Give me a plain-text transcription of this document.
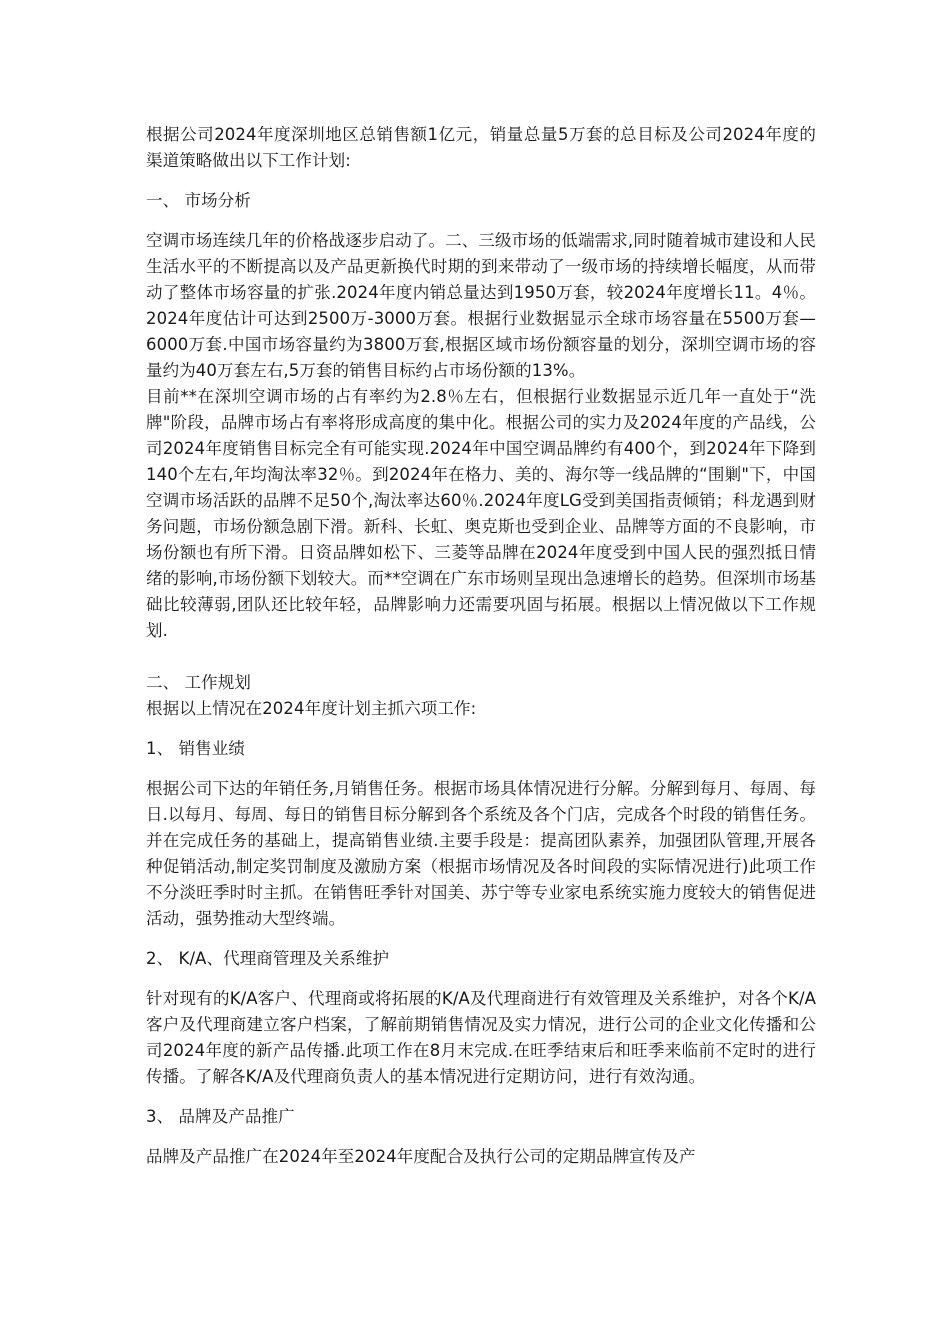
根据公司2024年度深圳地区总销售额1亿元，销量总量5万套的总目标及公司2024年度的渠道策略做出以下工作计划:

一、 市场分析

空调市场连续几年的价格战逐步启动了。二、三级市场的低端需求,同时随着城市建设和人民生活水平的不断提高以及产品更新换代时期的到来带动了一级市场的持续增长幅度，从而带动了整体市场容量的扩张.2024年度内销总量达到1950万套，较2024年度增长11。4％。2024年度估计可达到2500万-3000万套。根据行业数据显示全球市场容量在5500万套—6000万套.中国市场容量约为3800万套,根据区域市场份额容量的划分，深圳空调市场的容量约为40万套左右,5万套的销售目标约占市场份额的13%。

目前**在深圳空调市场的占有率约为2.8％左右，但根据行业数据显示近几年一直处于“洗牌"阶段，品牌市场占有率将形成高度的集中化。根据公司的实力及2024年度的产品线，公司2024年度销售目标完全有可能实现.2024年中国空调品牌约有400个，到2024年下降到140个左右,年均淘汰率32％。到2024年在格力、美的、海尔等一线品牌的“围剿"下，中国空调市场活跃的品牌不足50个,淘汰率达60％.2024年度LG受到美国指责倾销；科龙遇到财务问题，市场份额急剧下滑。新科、长虹、奥克斯也受到企业、品牌等方面的不良影响，市场份额也有所下滑。日资品牌如松下、三菱等品牌在2024年度受到中国人民的强烈抵日情绪的影响,市场份额下划较大。而**空调在广东市场则呈现出急速增长的趋势。但深圳市场基础比较薄弱,团队还比较年轻，品牌影响力还需要巩固与拓展。根据以上情况做以下工作规划.

二、 工作规划

根据以上情况在2024年度计划主抓六项工作:

1、 销售业绩

根据公司下达的年销任务,月销售任务。根据市场具体情况进行分解。分解到每月、每周、每日.以每月、每周、每日的销售目标分解到各个系统及各个门店，完成各个时段的销售任务。并在完成任务的基础上，提高销售业绩.主要手段是：提高团队素养，加强团队管理,开展各种促销活动,制定奖罚制度及激励方案（根据市场情况及各时间段的实际情况进行)此项工作不分淡旺季时时主抓。在销售旺季针对国美、苏宁等专业家电系统实施力度较大的销售促进活动，强势推动大型终端。

2、 K/A、代理商管理及关系维护

针对现有的K/A客户、代理商或将拓展的K/A及代理商进行有效管理及关系维护，对各个K/A客户及代理商建立客户档案，了解前期销售情况及实力情况，进行公司的企业文化传播和公司2024年度的新产品传播.此项工作在8月末完成.在旺季结束后和旺季来临前不定时的进行传播。了解各K/A及代理商负责人的基本情况进行定期访问，进行有效沟通。

3、 品牌及产品推广

品牌及产品推广在2024年至2024年度配合及执行公司的定期品牌宣传及产
